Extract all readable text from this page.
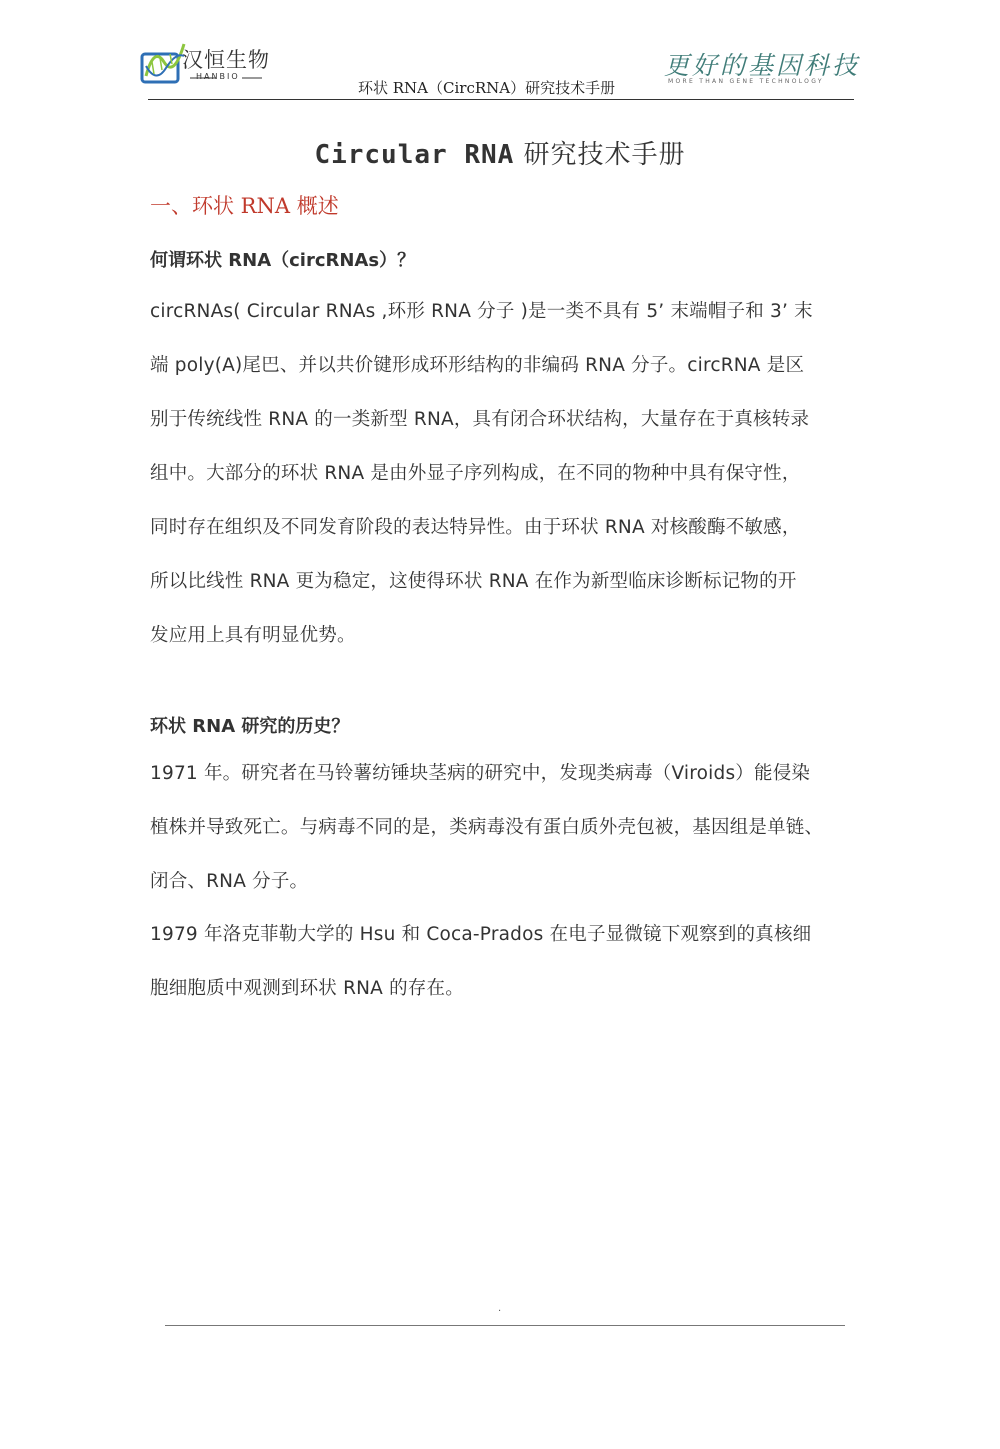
汉恒生物
HANBIO	更好的基因科技
MORE THAN GENE TECHNOLOGY
环状 RNA（CircRNA）研究技术手册
Circular RNA 研究技术手册
一、环状 RNA 概述
何谓环状 RNA（circRNAs）？
circRNAs( Circular RNAs ,环形 RNA 分子 )是一类不具有 5’ 末端帽子和 3’ 末
端 poly(A)尾巴、并以共价键形成环形结构的非编码 RNA 分子。circRNA 是区
别于传统线性 RNA 的一类新型 RNA，具有闭合环状结构，大量存在于真核转录
组中。大部分的环状 RNA 是由外显子序列构成，在不同的物种中具有保守性，
同时存在组织及不同发育阶段的表达特异性。由于环状 RNA 对核酸酶不敏感，
所以比线性 RNA 更为稳定，这使得环状 RNA 在作为新型临床诊断标记物的开
发应用上具有明显优势。
环状 RNA 研究的历史？
1971 年。研究者在马铃薯纺锤块茎病的研究中，发现类病毒（Viroids）能侵染
植株并导致死亡。与病毒不同的是，类病毒没有蛋白质外壳包被，基因组是单链、
闭合、RNA 分子。
1979 年洛克菲勒大学的 Hsu 和 Coca-Prados 在电子显微镜下观察到的真核细
胞细胞质中观测到环状 RNA 的存在。
.
